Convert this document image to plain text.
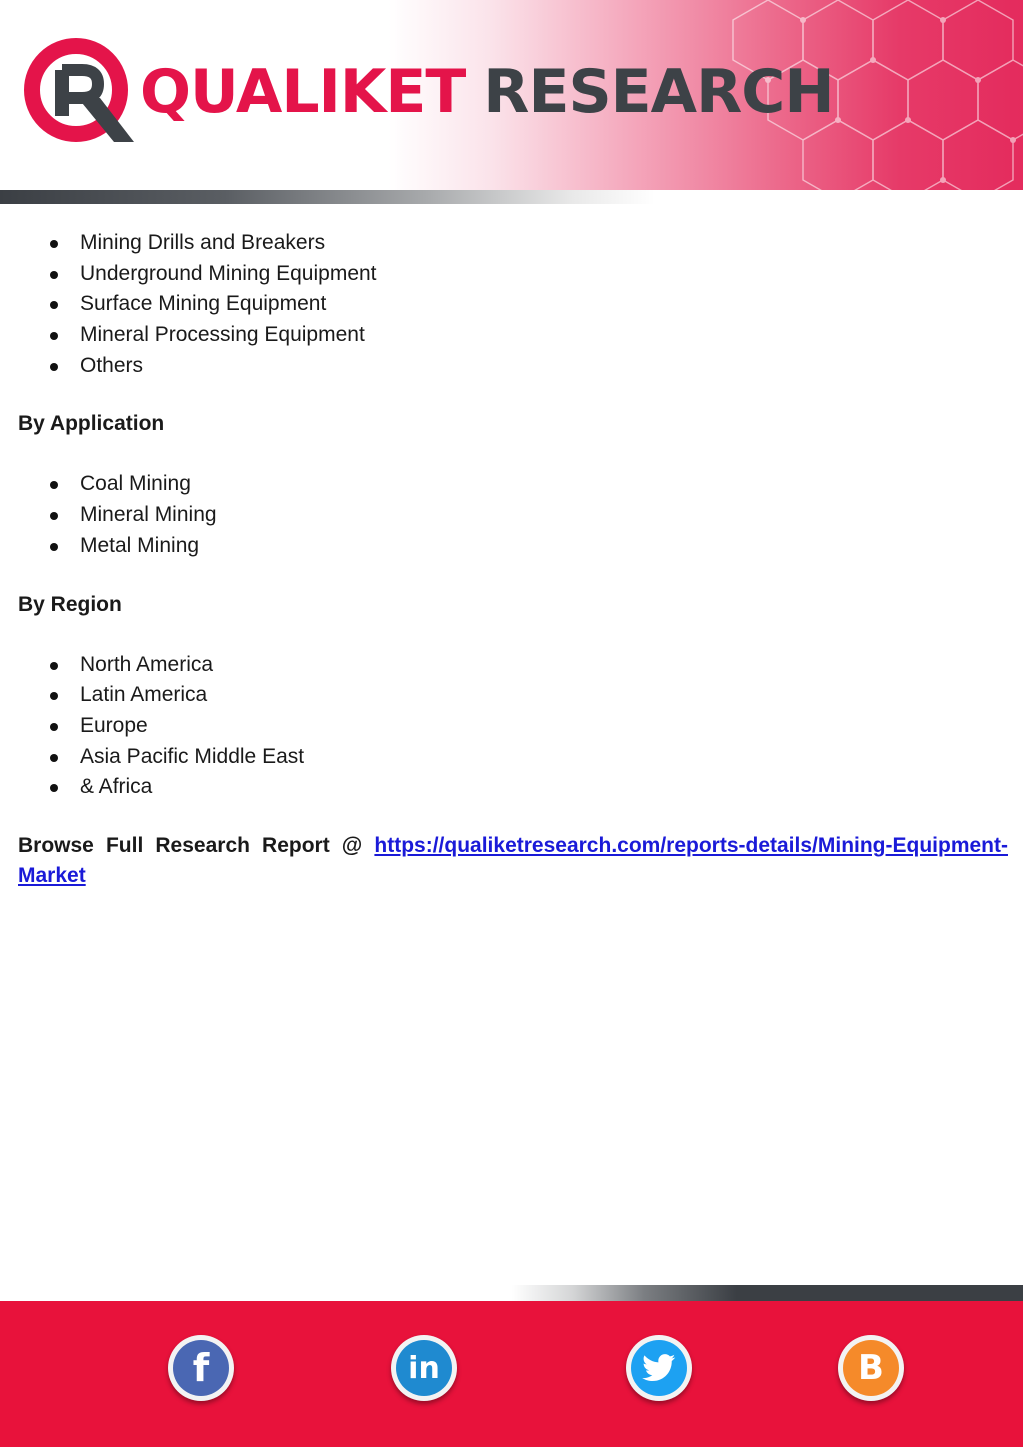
QUALIKET RESEARCH
Mining Drills and Breakers
Underground Mining Equipment
Surface Mining Equipment
Mineral Processing Equipment
Others
By Application
Coal Mining
Mineral Mining
Metal Mining
By Region
North America
Latin America
Europe
Asia Pacific Middle East
& Africa
Browse Full Research Report @ https://qualiketresearch.com/reports-details/Mining-Equipment-Market
f	in	B
